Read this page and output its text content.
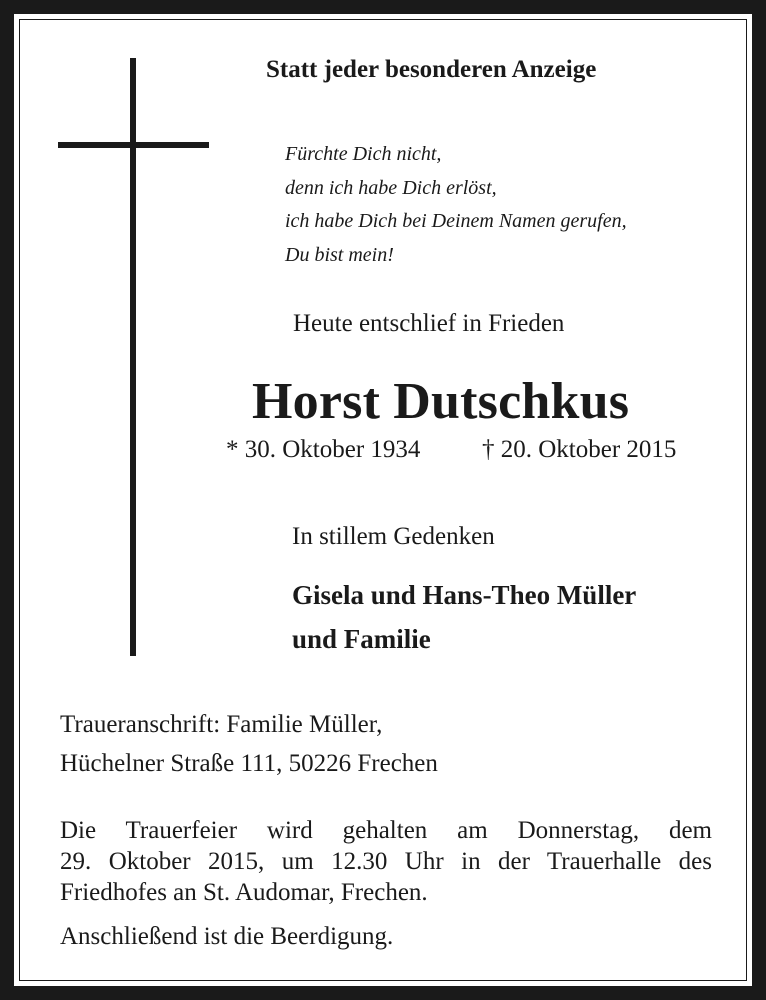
Statt jeder besonderen Anzeige
Fürchte Dich nicht,
denn ich habe Dich erlöst,
ich habe Dich bei Deinem Namen gerufen,
Du bist mein!
Heute entschlief in Frieden
Horst Dutschkus
* 30. Oktober 1934 † 20. Oktober 2015
In stillem Gedenken
Gisela und Hans-Theo Müller
und Familie
Traueranschrift: Familie Müller,
Hüchelner Straße 111, 50226 Frechen
Die Trauerfeier wird gehalten am Donnerstag, dem
29. Oktober 2015, um 12.30 Uhr in der Trauerhalle des
Friedhofes an St. Audomar, Frechen.
Anschließend ist die Beerdigung.
